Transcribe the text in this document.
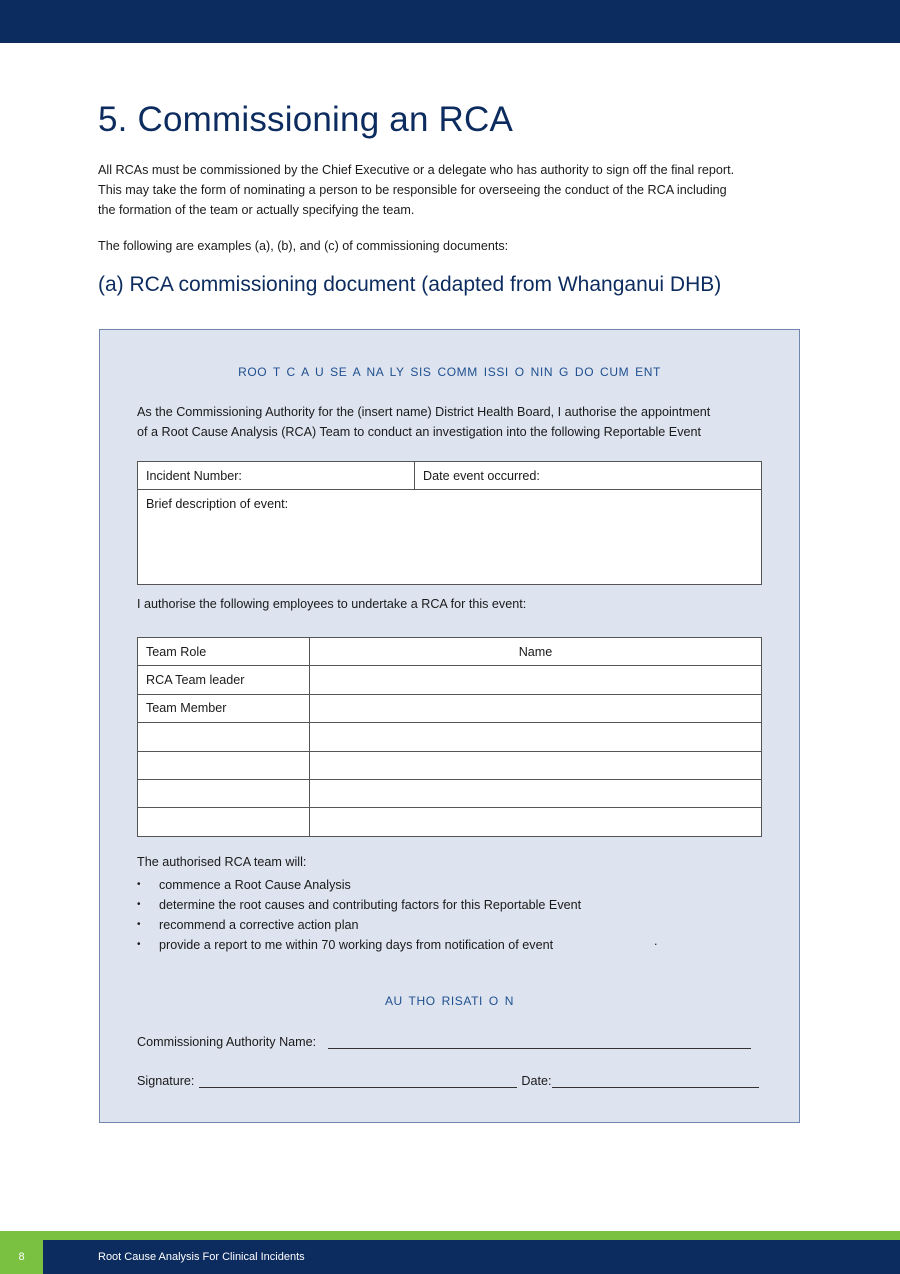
5. Commissioning an RCA

All RCAs must be commissioned by the Chief Executive or a delegate who has authority to sign off the final report.
This may take the form of nominating a person to be responsible for overseeing the conduct of the RCA including
the formation of the team or actually specifying the team.

The following are examples (a), (b), and (c) of commissioning documents:

(a) RCA commissioning document (adapted from Whanganui DHB)
ROO T C A U SE A NA LY SIS COMM ISSI O NIN G DO CUM ENT

As the Commissioning Authority for the (insert name) District Health Board, I authorise the appointment
of a Root Cause Analysis (RCA) Team to conduct an investigation into the following Reportable Event

Incident Number:	Date event occurred:
Brief description of event:

I authorise the following employees to undertake a RCA for this event:

Team Role	Name
RCA Team leader	
Team Member	

The authorised RCA team will:

• commence a Root Cause Analysis
• determine the root causes and contributing factors for this Reportable Event
• recommend a corrective action plan
• provide a report to me within 70 working days from notification of event	.
AU THO RISATI O N
Commissioning Authority Name:
Signature:	Date:
8	Root Cause Analysis For Clinical Incidents
